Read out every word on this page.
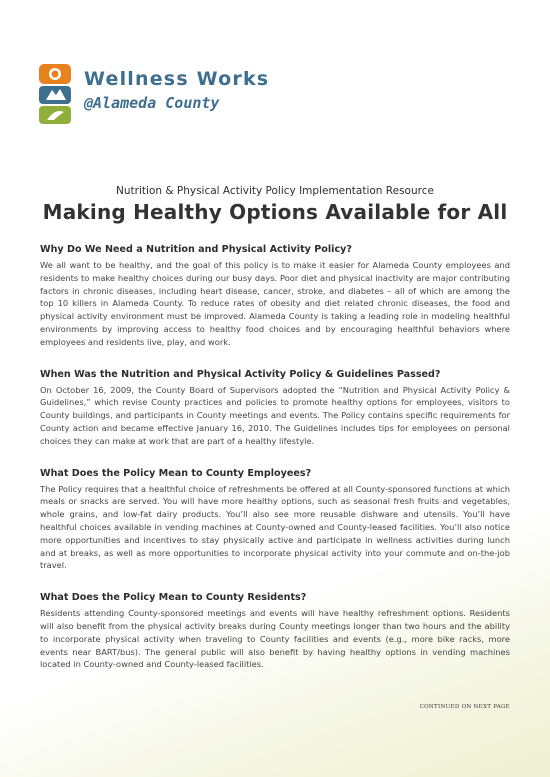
Wellness Works
@Alameda County

Nutrition & Physical Activity Policy Implementation Resource

Making Healthy Options Available for All
Why Do We Need a Nutrition and Physical Activity Policy?

We all want to be healthy, and the goal of this policy is to make it easier for Alameda County employees and residents to make healthy choices during our busy days. Poor diet and physical inactivity are major contributing factors in chronic diseases, including heart disease, cancer, stroke, and diabetes – all of which are among the top 10 killers in Alameda County. To reduce rates of obesity and diet related chronic diseases, the food and physical activity environment must be improved. Alameda County is taking a leading role in modeling healthful environments by improving access to healthy food choices and by encouraging healthful behaviors where employees and residents live, play, and work.

When Was the Nutrition and Physical Activity Policy & Guidelines Passed?

On October 16, 2009, the County Board of Supervisors adopted the “Nutrition and Physical Activity Policy & Guidelines,” which revise County practices and policies to promote healthy options for employees, visitors to County buildings, and participants in County meetings and events. The Policy contains specific requirements for County action and became effective January 16, 2010. The Guidelines includes tips for employees on personal choices they can make at work that are part of a healthy lifestyle.

What Does the Policy Mean to County Employees?

The Policy requires that a healthful choice of refreshments be offered at all County-sponsored functions at which meals or snacks are served. You will have more healthy options, such as seasonal fresh fruits and vegetables, whole grains, and low-fat dairy products. You’ll also see more reusable dishware and utensils. You’ll have healthful choices available in vending machines at County-owned and County-leased facilities. You’ll also notice more opportunities and incentives to stay physically active and participate in wellness activities during lunch and at breaks, as well as more opportunities to incorporate physical activity into your commute and on-the-job travel.

What Does the Policy Mean to County Residents?

Residents attending County-sponsored meetings and events will have healthy refreshment options. Residents will also benefit from the physical activity breaks during County meetings longer than two hours and the ability to incorporate physical activity when traveling to County facilities and events (e.g., more bike racks, more events near BART/bus). The general public will also benefit by having healthy options in vending machines located in County-owned and County-leased facilities.

CONTINUED ON NEXT PAGE
